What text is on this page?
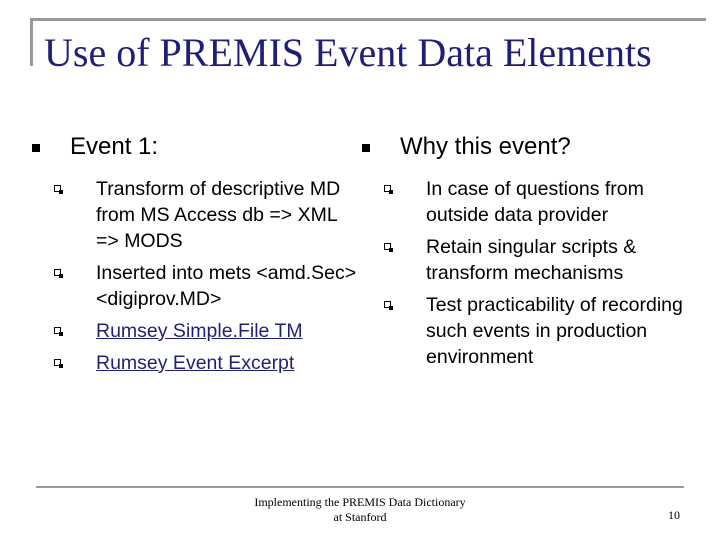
Use of PREMIS Event Data Elements
Event 1:
Transform of descriptive MD from MS Access db => XML => MODS
Inserted into mets <amd.Sec><digiprov.MD>
Rumsey Simple.File TM
Rumsey Event Excerpt
Why this event?
In case of questions from outside data provider
Retain singular scripts & transform mechanisms
Test practicability of recording such events in production environment
Implementing the PREMIS Data Dictionary
at Stanford	10
